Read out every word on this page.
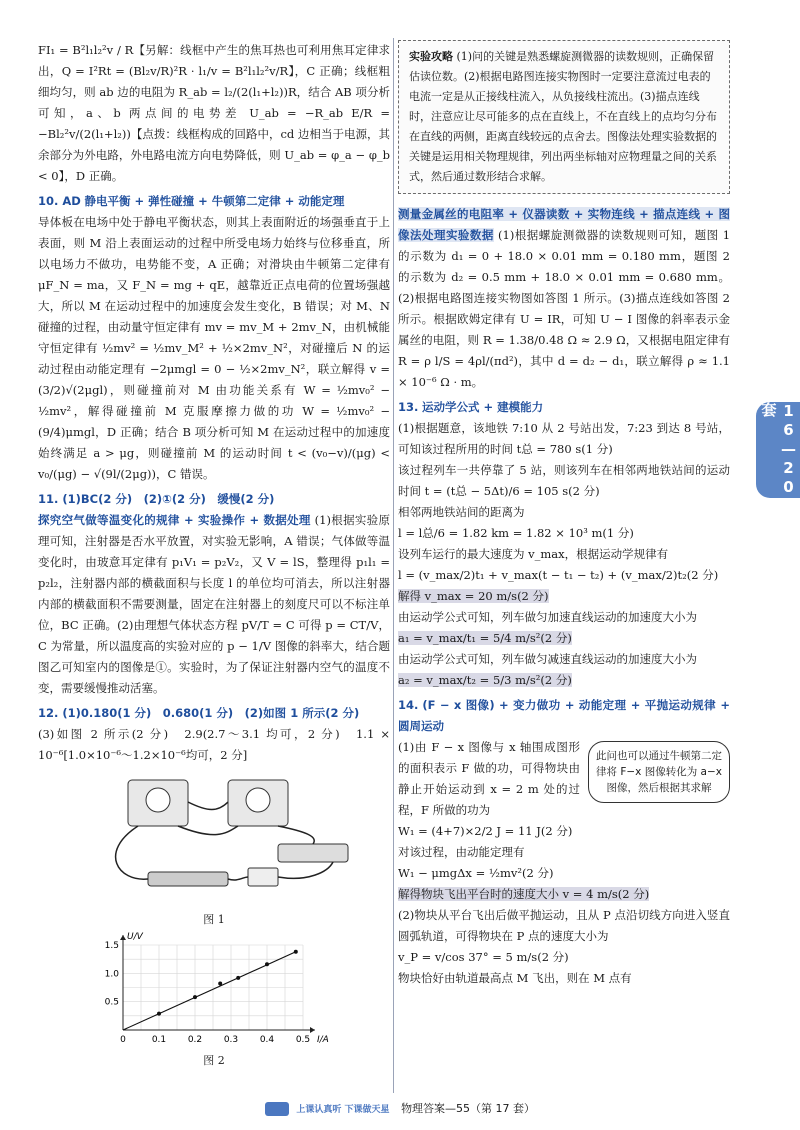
FI₁ = B²l₁l₂²v / R【另解：线框中产生的焦耳热也可利用焦耳定律求出，Q = I²Rt = (Bl₂v/R)²R · l₁/v = B²l₁l₂²v/R】，C 正确；线框粗细均匀，则 ab 边的电阻为 R_ab = l₂/(2(l₁+l₂))R，结合 AB 项分析可知，a、b 两点间的电势差 U_ab = −R_ab E/R = −Bl₂²v/(2(l₁+l₂))【点拨：线框构成的回路中，cd 边相当于电源，其余部分为外电路，外电路电流方向电势降低，则 U_ab = φ_a − φ_b < 0】，D 正确。

10. AD 静电平衡 + 弹性碰撞 + 牛顿第二定律 + 动能定理

导体板在电场中处于静电平衡状态，则其上表面附近的场强垂直于上表面，则 M 沿上表面运动的过程中所受电场力始终与位移垂直，所以电场力不做功，电势能不变，A 正确；对滑块由牛顿第二定律有 μF_N = ma，又 F_N = mg + qE，越靠近正点电荷的位置场强越大，所以 M 在运动过程中的加速度会发生变化，B 错误；对 M、N 碰撞的过程，由动量守恒定律有 mv = mv_M + 2mv_N，由机械能守恒定律有 ½mv² = ½mv_M² + ½×2mv_N²，对碰撞后 N 的运动过程由动能定理有 −2μmgl = 0 − ½×2mv_N²，联立解得 v = (3/2)√(2μgl)，则碰撞前对 M 由功能关系有 W = ½mv₀² − ½mv²，解得碰撞前 M 克服摩擦力做的功 W = ½mv₀² − (9/4)μmgl，D 正确；结合 B 项分析可知 M 在运动过程中的加速度始终满足 a > μg，则碰撞前 M 的运动时间 t < (v₀−v)/(μg) < v₀/(μg) − √(9l/(2μg))，C 错误。

11. (1)BC(2 分)　(2)①(2 分)　缓慢(2 分)

探究空气做等温变化的规律 + 实验操作 + 数据处理 (1)根据实验原理可知，注射器是否水平放置，对实验无影响，A 错误；气体做等温变化时，由玻意耳定律有 p₁V₁ = p₂V₂，又 V = lS，整理得 p₁l₁ = p₂l₂，注射器内部的横截面积与长度 l 的单位均可消去，所以注射器内部的横截面积不需要测量，固定在注射器上的刻度尺可以不标注单位，BC 正确。(2)由理想气体状态方程 pV/T = C 可得 p = CT/V，C 为常量，所以温度高的实验对应的 p − 1/V 图像的斜率大，结合题图乙可知室内的图像是①。实验时，为了保证注射器内空气的温度不变，需要缓慢推动活塞。

12. (1)0.180(1 分)　0.680(1 分)　(2)如图 1 所示(2 分)

(3)如图 2 所示(2 分)　2.9(2.7～3.1 均可，2 分)　1.1 × 10⁻⁶[1.0×10⁻⁶～1.2×10⁻⁶均可，2 分]

图 1

0	0.1 0.2 0.3 0.4 0.5
0.5
1.0
1.5
I/A
U/V

图 2

实验攻略 (1)问的关键是熟悉螺旋测微器的读数规则，正确保留估读位数。(2)根据电路图连接实物图时一定要注意流过电表的电流一定是从正接线柱流入，从负接线柱流出。(3)描点连线时，注意应让尽可能多的点在直线上，不在直线上的点均匀分布在直线的两侧，距离直线较远的点舍去。图像法处理实验数据的关键是运用相关物理规律，列出两坐标轴对应物理量之间的关系式，然后通过数形结合求解。

测量金属丝的电阻率 + 仪器读数 + 实物连线 + 描点连线 + 图像法处理实验数据 (1)根据螺旋测微器的读数规则可知，题图 1 的示数为 d₁ = 0 + 18.0 × 0.01 mm = 0.180 mm，题图 2 的示数为 d₂ = 0.5 mm + 18.0 × 0.01 mm = 0.680 mm。(2)根据电路图连接实物图如答图 1 所示。(3)描点连线如答图 2 所示。根据欧姆定律有 U = IR，可知 U − I 图像的斜率表示金属丝的电阻，则 R = 1.38/0.48 Ω ≈ 2.9 Ω，又根据电阻定律有 R = ρ l/S = 4ρl/(πd²)，其中 d = d₂ − d₁，联立解得 ρ ≈ 1.1 × 10⁻⁶ Ω · m。

13. 运动学公式 + 建模能力

(1)根据题意，该地铁 7:10 从 2 号站出发，7:23 到达 8 号站，可知该过程所用的时间 t总 = 780 s(1 分)

该过程列车一共停靠了 5 站，则该列车在相邻两地铁站间的运动时间 t = (t总 − 5Δt)/6 = 105 s(2 分)

相邻两地铁站间的距离为

l = l总/6 = 1.82 km = 1.82 × 10³ m(1 分)

设列车运行的最大速度为 v_max，根据运动学规律有

l = (v_max/2)t₁ + v_max(t − t₁ − t₂) + (v_max/2)t₂(2 分)

解得 v_max = 20 m/s(2 分)

由运动学公式可知，列车做匀加速直线运动的加速度大小为

a₁ = v_max/t₁ = 5/4 m/s²(2 分)

由运动学公式可知，列车做匀减速直线运动的加速度大小为

a₂ = v_max/t₂ = 5/3 m/s²(2 分)

14. (F − x 图像) + 变力做功 + 动能定理 + 平抛运动规律 + 圆周运动

此问也可以通过牛顿第二定律将 F−x 图像转化为 a−x 图像，然后根据其求解

(1)由 F − x 图像与 x 轴围成图形的面积表示 F 做的功，可得物块由静止开始运动到 x = 2 m 处的过程，F 所做的功为

W₁ = (4+7)×2/2 J = 11 J(2 分)

对该过程，由动能定理有

W₁ − μmgΔx = ½mv²(2 分)

解得物块飞出平台时的速度大小 v = 4 m/s(2 分)

(2)物块从平台飞出后做平抛运动，且从 P 点沿切线方向进入竖直圆弧轨道，可得物块在 P 点的速度大小为

v_P = v/cos 37° = 5 m/s(2 分)

物块恰好由轨道最高点 M 飞出，则在 M 点有

16—20套
上课认真听 下课做天星 物理答案—55（第 17 套）
